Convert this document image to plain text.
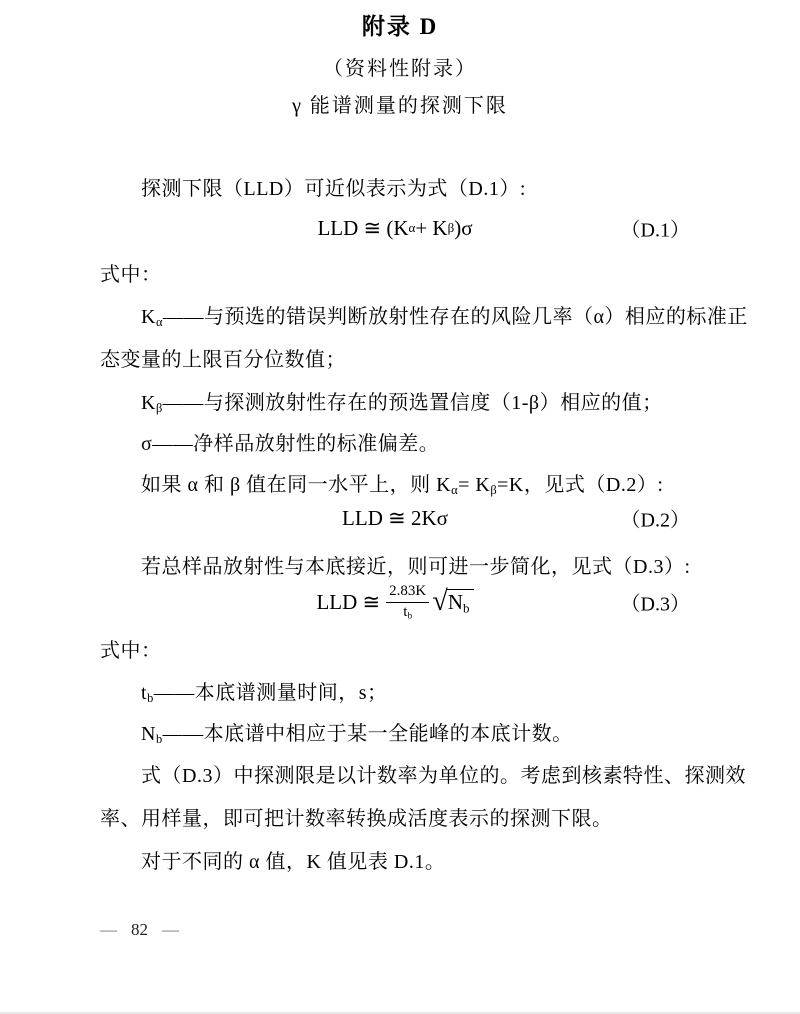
附录 D
（资料性附录）
γ 能谱测量的探测下限
探测下限（LLD）可近似表示为式（D.1）:
LLD ≅ (K α + K β )σ	（D.1）
式中：
$K_\alpha——$与预选的错误判断放射性存在的风险几率（α）相应的标准正
态变量的上限百分位数值；
$K_\beta——$与探测放射性存在的预选置信度（1-β）相应的值；
σ——净样品放射性的标准偏差。
如果 α 和 β 值在同一水平上，则 $K_\alpha= K_\beta=K$，见式（D.2）:
LLD ≅ 2Kσ	（D.2）
若总样品放射性与本底接近，则可进一步简化，见式（D.3）:
LLD ≅ $\frac{2.83K}{t_b}$ √ $N_b$	（D.3）
式中：
$t_b——$本底谱测量时间，s；
$N_b——$本底谱中相应于某一全能峰的本底计数。
式（D.3）中探测限是以计数率为单位的。考虑到核素特性、探测效
率、用样量，即可把计数率转换成活度表示的探测下限。
对于不同的 α 值，K 值见表 D.1。
— 82 —
